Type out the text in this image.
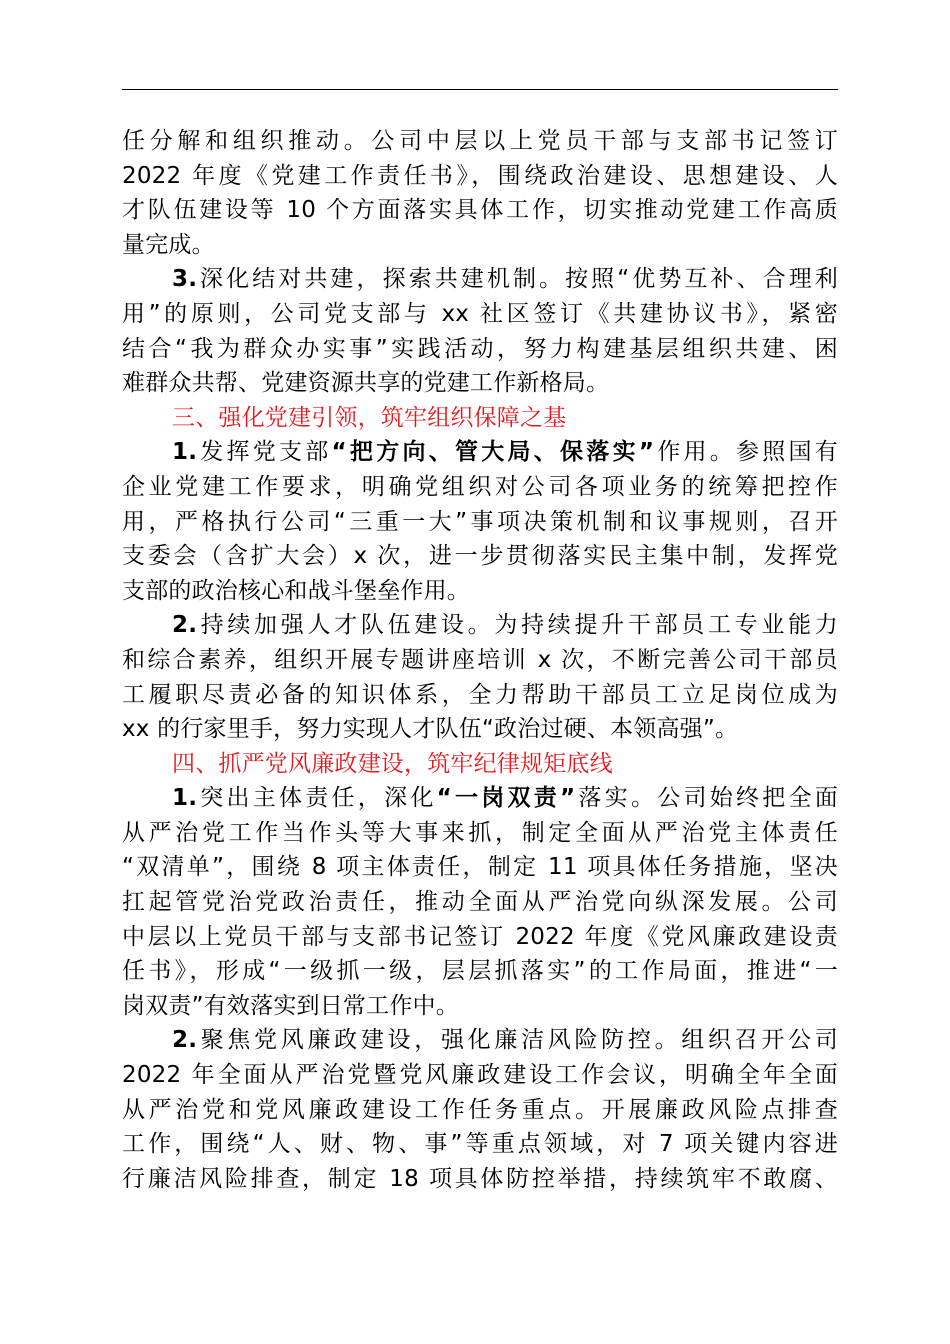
任分解和组织推动。公司中层以上党员干部与支部书记签订
2022 年度《党建工作责任书》，围绕政治建设、思想建设、人
才队伍建设等 10 个方面落实具体工作，切实推动党建工作高质
量完成。
3.深化结对共建，探索共建机制。按照“优势互补、合理利
用”的原则，公司党支部与 xx 社区签订《共建协议书》，紧密
结合“我为群众办实事”实践活动，努力构建基层组织共建、困
难群众共帮、党建资源共享的党建工作新格局。
三、强化党建引领，筑牢组织保障之基
1.发挥党支部“把方向、管大局、保落实”作用。参照国有
企业党建工作要求，明确党组织对公司各项业务的统筹把控作
用，严格执行公司“三重一大”事项决策机制和议事规则，召开
支委会（含扩大会）x 次，进一步贯彻落实民主集中制，发挥党
支部的政治核心和战斗堡垒作用。
2.持续加强人才队伍建设。为持续提升干部员工专业能力
和综合素养，组织开展专题讲座培训 x 次，不断完善公司干部员
工履职尽责必备的知识体系，全力帮助干部员工立足岗位成为
xx 的行家里手，努力实现人才队伍“政治过硬、本领高强”。
四、抓严党风廉政建设，筑牢纪律规矩底线
1.突出主体责任，深化“一岗双责”落实。公司始终把全面
从严治党工作当作头等大事来抓，制定全面从严治党主体责任
“双清单”，围绕 8 项主体责任，制定 11 项具体任务措施，坚决
扛起管党治党政治责任，推动全面从严治党向纵深发展。公司
中层以上党员干部与支部书记签订 2022 年度《党风廉政建设责
任书》，形成“一级抓一级，层层抓落实”的工作局面，推进“一
岗双责”有效落实到日常工作中。
2.聚焦党风廉政建设，强化廉洁风险防控。组织召开公司
2022 年全面从严治党暨党风廉政建设工作会议，明确全年全面
从严治党和党风廉政建设工作任务重点。开展廉政风险点排查
工作，围绕“人、财、物、事”等重点领域，对 7 项关键内容进
行廉洁风险排查，制定 18 项具体防控举措，持续筑牢不敢腐、
